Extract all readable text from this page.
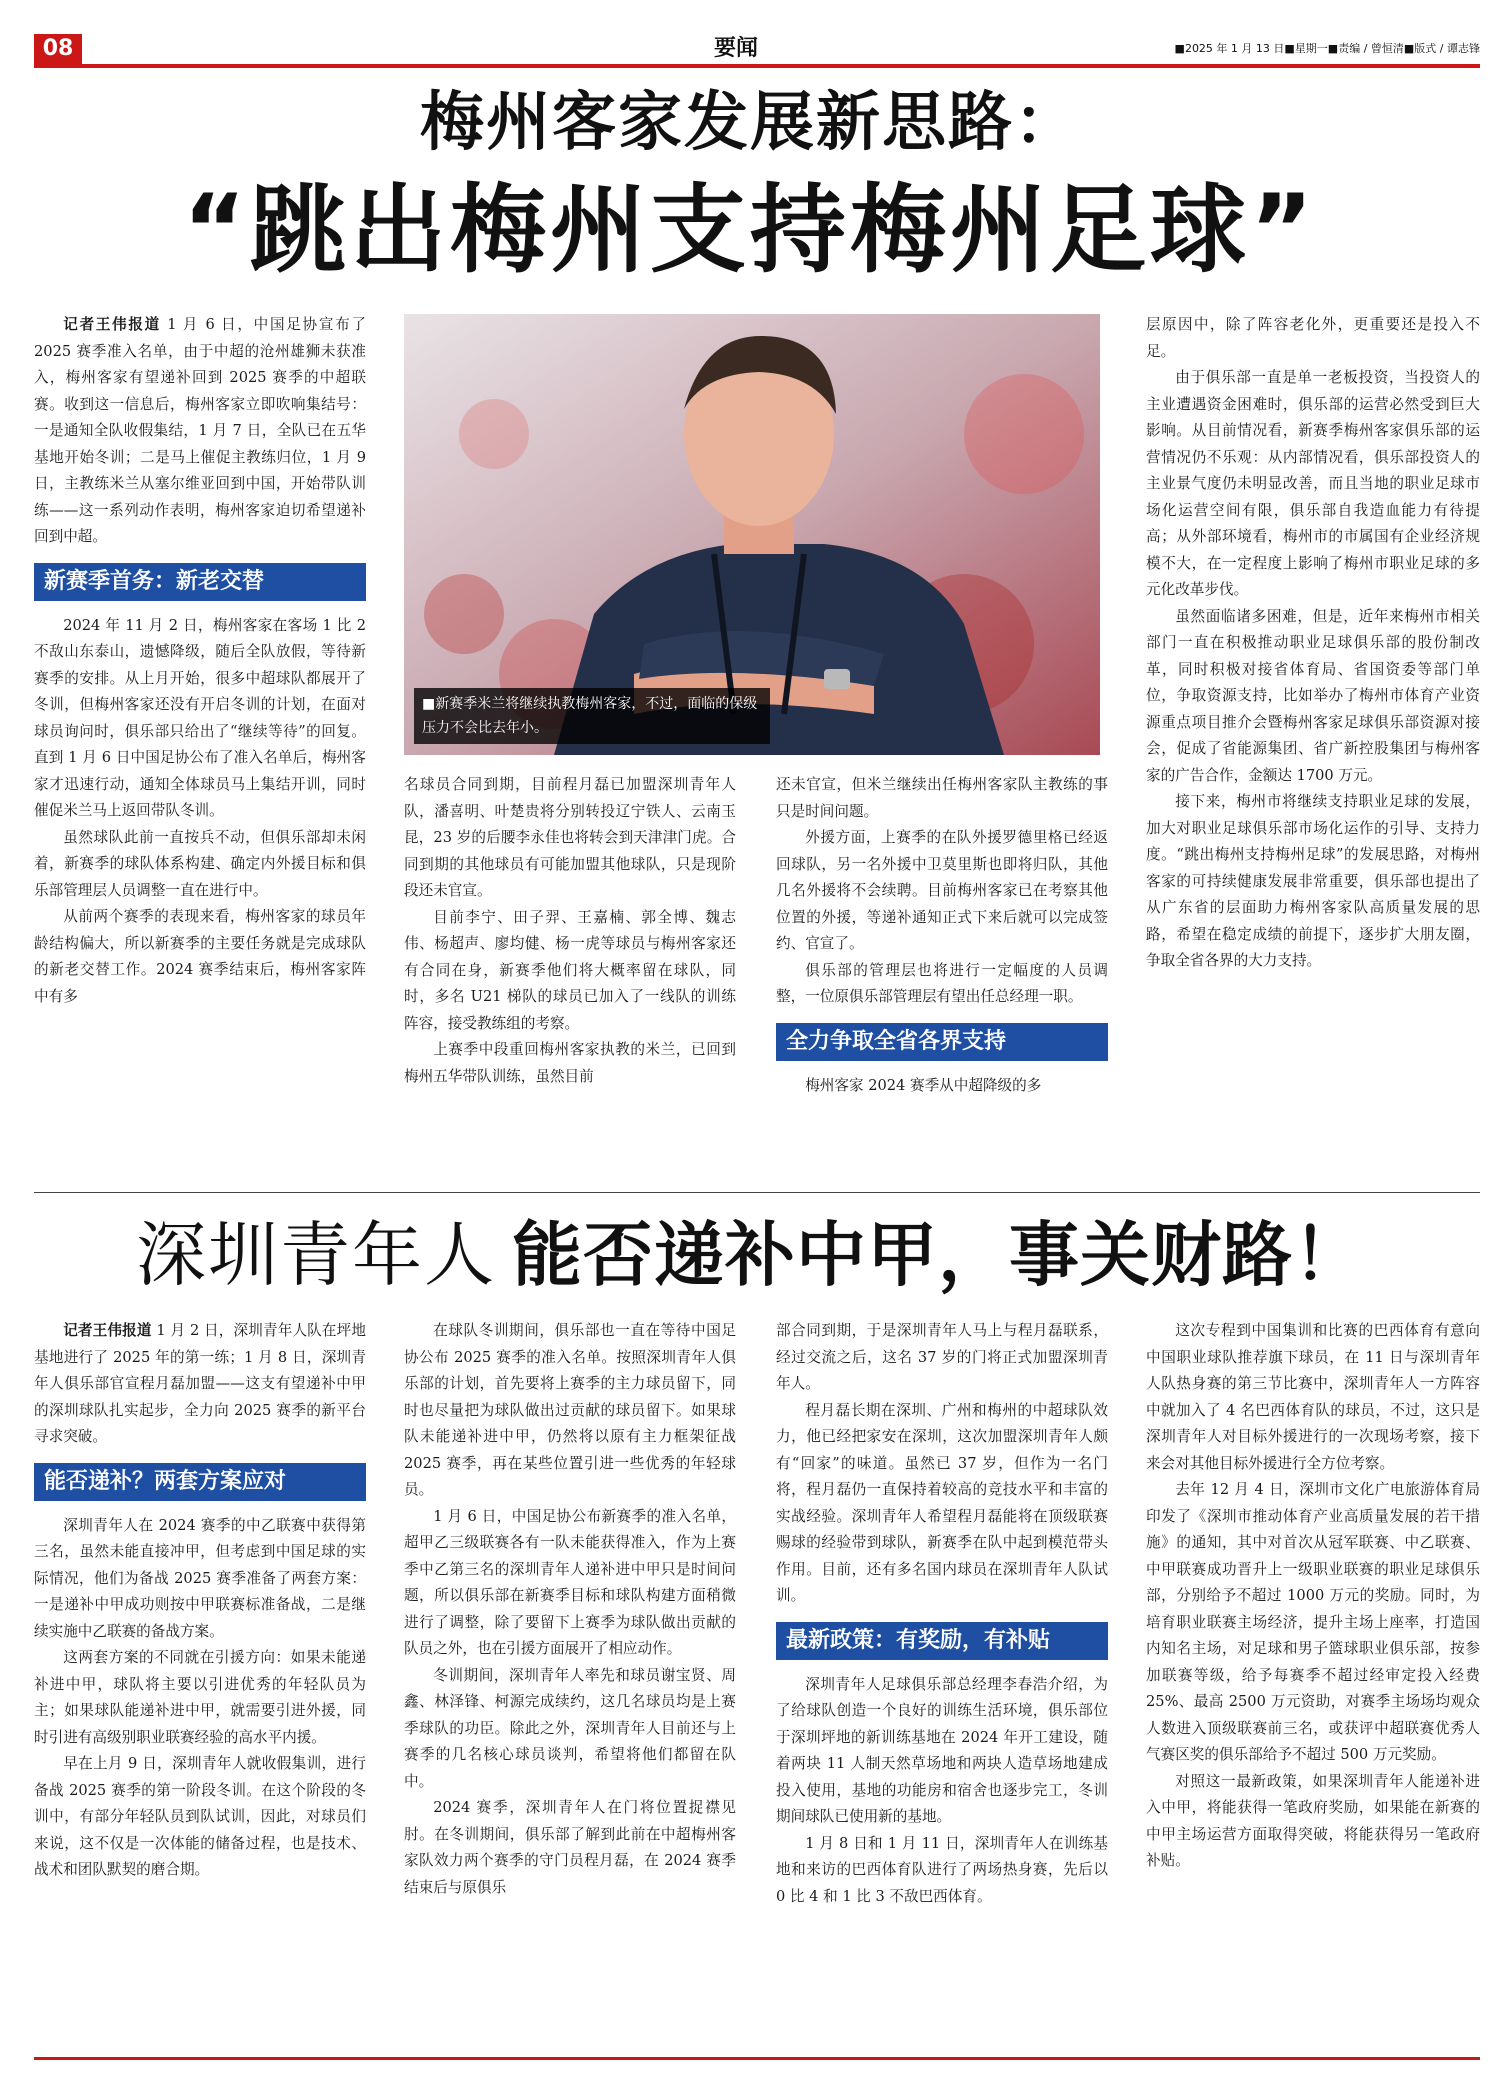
08	要闻	■2025 年 1 月 13 日■星期一■责编 / 曾恒清■版式 / 谭志锋
梅州客家发展新思路：
“跳出梅州支持梅州足球”

记者王伟报道 1 月 6 日，中国足协宣布了 2025 赛季准入名单，由于中超的沧州雄狮未获准入，梅州客家有望递补回到 2025 赛季的中超联赛。收到这一信息后，梅州客家立即吹响集结号：一是通知全队收假集结，1 月 7 日，全队已在五华基地开始冬训；二是马上催促主教练归位，1 月 9 日，主教练米兰从塞尔维亚回到中国，开始带队训练——这一系列动作表明，梅州客家迫切希望递补回到中超。

新赛季首务：新老交替

2024 年 11 月 2 日，梅州客家在客场 1 比 2 不敌山东泰山，遗憾降级，随后全队放假，等待新赛季的安排。从上月开始，很多中超球队都展开了冬训，但梅州客家还没有开启冬训的计划，在面对球员询问时，俱乐部只给出了“继续等待”的回复。直到 1 月 6 日中国足协公布了准入名单后，梅州客家才迅速行动，通知全体球员马上集结开训，同时催促米兰马上返回带队冬训。

虽然球队此前一直按兵不动，但俱乐部却未闲着，新赛季的球队体系构建、确定内外援目标和俱乐部管理层人员调整一直在进行中。

从前两个赛季的表现来看，梅州客家的球员年龄结构偏大，所以新赛季的主要任务就是完成球队的新老交替工作。2024 赛季结束后，梅州客家阵中有多

■新赛季米兰将继续执教梅州客家，不过，面临的保级压力不会比去年小。

名球员合同到期，目前程月磊已加盟深圳青年人队，潘喜明、叶楚贵将分别转投辽宁铁人、云南玉昆，23 岁的后腰李永佳也将转会到天津津门虎。合同到期的其他球员有可能加盟其他球队，只是现阶段还未官宣。

目前李宁、田子羿、王嘉楠、郭全博、魏志伟、杨超声、廖均健、杨一虎等球员与梅州客家还有合同在身，新赛季他们将大概率留在球队，同时，多名 U21 梯队的球员已加入了一线队的训练阵容，接受教练组的考察。

上赛季中段重回梅州客家执教的米兰，已回到梅州五华带队训练，虽然目前

还未官宣，但米兰继续出任梅州客家队主教练的事只是时间问题。

外援方面，上赛季的在队外援罗德里格已经返回球队，另一名外援中卫莫里斯也即将归队，其他几名外援将不会续聘。目前梅州客家已在考察其他位置的外援，等递补通知正式下来后就可以完成签约、官宣了。

俱乐部的管理层也将进行一定幅度的人员调整，一位原俱乐部管理层有望出任总经理一职。

全力争取全省各界支持

梅州客家 2024 赛季从中超降级的多

层原因中，除了阵容老化外，更重要还是投入不足。

由于俱乐部一直是单一老板投资，当投资人的主业遭遇资金困难时，俱乐部的运营必然受到巨大影响。从目前情况看，新赛季梅州客家俱乐部的运营情况仍不乐观：从内部情况看，俱乐部投资人的主业景气度仍未明显改善，而且当地的职业足球市场化运营空间有限，俱乐部自我造血能力有待提高；从外部环境看，梅州市的市属国有企业经济规模不大，在一定程度上影响了梅州市职业足球的多元化改革步伐。

虽然面临诸多困难，但是，近年来梅州市相关部门一直在积极推动职业足球俱乐部的股份制改革，同时积极对接省体育局、省国资委等部门单位，争取资源支持，比如举办了梅州市体育产业资源重点项目推介会暨梅州客家足球俱乐部资源对接会，促成了省能源集团、省广新控股集团与梅州客家的广告合作，金额达 1700 万元。

接下来，梅州市将继续支持职业足球的发展，加大对职业足球俱乐部市场化运作的引导、支持力度。“跳出梅州支持梅州足球”的发展思路，对梅州客家的可持续健康发展非常重要，俱乐部也提出了从广东省的层面助力梅州客家队高质量发展的思路，希望在稳定成绩的前提下，逐步扩大朋友圈，争取全省各界的大力支持。

深圳青年人 能否递补中甲，事关财路！

记者王伟报道 1 月 2 日，深圳青年人队在坪地基地进行了 2025 年的第一练；1 月 8 日，深圳青年人俱乐部官宣程月磊加盟——这支有望递补中甲的深圳球队扎实起步，全力向 2025 赛季的新平台寻求突破。

能否递补？两套方案应对

深圳青年人在 2024 赛季的中乙联赛中获得第三名，虽然未能直接冲甲，但考虑到中国足球的实际情况，他们为备战 2025 赛季准备了两套方案：一是递补中甲成功则按中甲联赛标准备战，二是继续实施中乙联赛的备战方案。

这两套方案的不同就在引援方向：如果未能递补进中甲，球队将主要以引进优秀的年轻队员为主；如果球队能递补进中甲，就需要引进外援，同时引进有高级别职业联赛经验的高水平内援。

早在上月 9 日，深圳青年人就收假集训，进行备战 2025 赛季的第一阶段冬训。在这个阶段的冬训中，有部分年轻队员到队试训，因此，对球员们来说，这不仅是一次体能的储备过程，也是技术、战术和团队默契的磨合期。

在球队冬训期间，俱乐部也一直在等待中国足协公布 2025 赛季的准入名单。按照深圳青年人俱乐部的计划，首先要将上赛季的主力球员留下，同时也尽量把为球队做出过贡献的球员留下。如果球队未能递补进中甲，仍然将以原有主力框架征战 2025 赛季，再在某些位置引进一些优秀的年轻球员。

1 月 6 日，中国足协公布新赛季的准入名单，超甲乙三级联赛各有一队未能获得准入，作为上赛季中乙第三名的深圳青年人递补进中甲只是时间问题，所以俱乐部在新赛季目标和球队构建方面稍微进行了调整，除了要留下上赛季为球队做出贡献的队员之外，也在引援方面展开了相应动作。

冬训期间，深圳青年人率先和球员谢宝贤、周鑫、林泽锋、柯源完成续约，这几名球员均是上赛季球队的功臣。除此之外，深圳青年人目前还与上赛季的几名核心球员谈判，希望将他们都留在队中。

2024 赛季，深圳青年人在门将位置捉襟见肘。在冬训期间，俱乐部了解到此前在中超梅州客家队效力两个赛季的守门员程月磊，在 2024 赛季结束后与原俱乐

部合同到期，于是深圳青年人马上与程月磊联系，经过交流之后，这名 37 岁的门将正式加盟深圳青年人。

程月磊长期在深圳、广州和梅州的中超球队效力，他已经把家安在深圳，这次加盟深圳青年人颇有“回家”的味道。虽然已 37 岁，但作为一名门将，程月磊仍一直保持着较高的竞技水平和丰富的实战经验。深圳青年人希望程月磊能将在顶级联赛赐球的经验带到球队，新赛季在队中起到模范带头作用。目前，还有多名国内球员在深圳青年人队试训。

最新政策：有奖励，有补贴

深圳青年人足球俱乐部总经理李春浩介绍，为了给球队创造一个良好的训练生活环境，俱乐部位于深圳坪地的新训练基地在 2024 年开工建设，随着两块 11 人制天然草场地和两块人造草场地建成投入使用，基地的功能房和宿舍也逐步完工，冬训期间球队已使用新的基地。

1 月 8 日和 1 月 11 日，深圳青年人在训练基地和来访的巴西体育队进行了两场热身赛，先后以 0 比 4 和 1 比 3 不敌巴西体育。

这次专程到中国集训和比赛的巴西体育有意向中国职业球队推荐旗下球员，在 11 日与深圳青年人队热身赛的第三节比赛中，深圳青年人一方阵容中就加入了 4 名巴西体育队的球员，不过，这只是深圳青年人对目标外援进行的一次现场考察，接下来会对其他目标外援进行全方位考察。

去年 12 月 4 日，深圳市文化广电旅游体育局印发了《深圳市推动体育产业高质量发展的若干措施》的通知，其中对首次从冠军联赛、中乙联赛、中甲联赛成功晋升上一级职业联赛的职业足球俱乐部，分别给予不超过 1000 万元的奖励。同时，为培育职业联赛主场经济，提升主场上座率，打造国内知名主场，对足球和男子篮球职业俱乐部，按参加联赛等级，给予每赛季不超过经审定投入经费 25%、最高 2500 万元资助，对赛季主场场均观众人数进入顶级联赛前三名，或获评中超联赛优秀人气赛区奖的俱乐部给予不超过 500 万元奖励。

对照这一最新政策，如果深圳青年人能递补进入中甲，将能获得一笔政府奖励，如果能在新赛的中甲主场运营方面取得突破，将能获得另一笔政府补贴。
